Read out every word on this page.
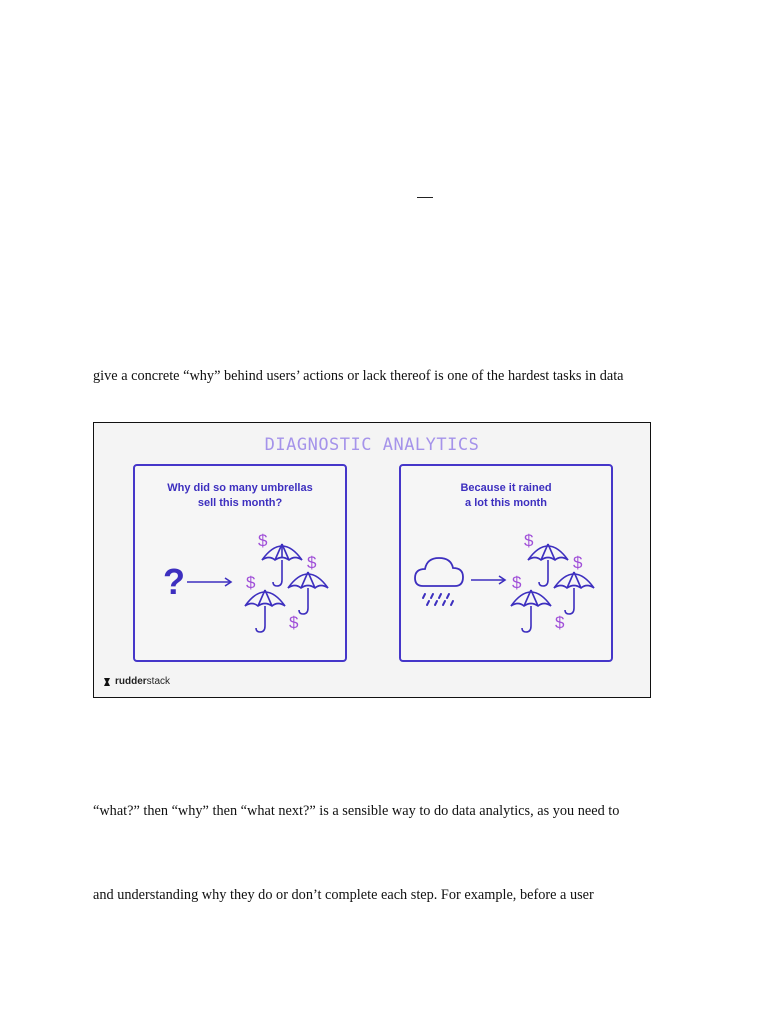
give a concrete “why” behind users’ actions or lack thereof is one of the hardest tasks in data
DIAGNOSTIC ANALYTICS
Why did so many umbrellas
sell this month?
?
$
$
$
$
Because it rained
a lot this month
$
$
$
$
rudder stack
“what?” then “why” then “what next?” is a sensible way to do data analytics, as you need to
and understanding why they do or don’t complete each step. For example, before a user
